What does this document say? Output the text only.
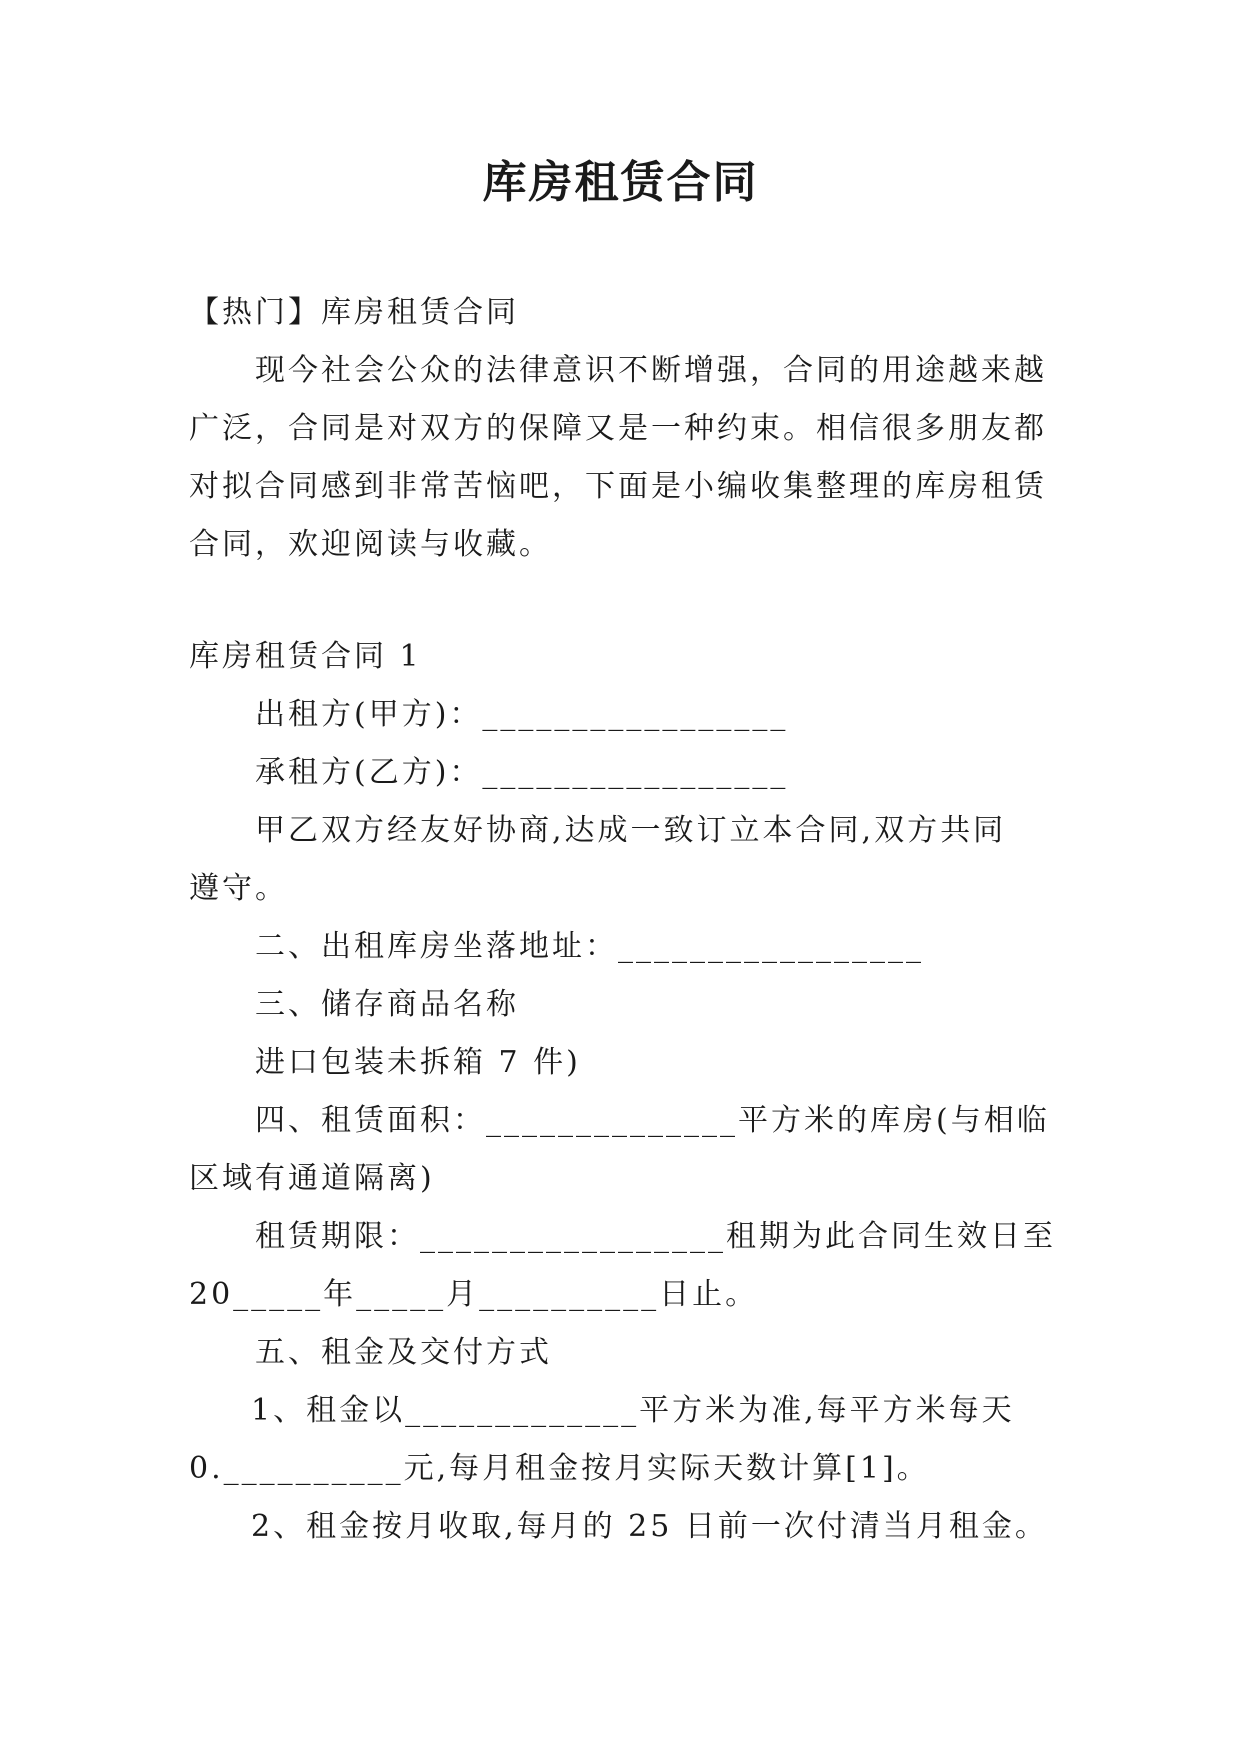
库房租赁合同

【热门】库房租赁合同

现今社会公众的法律意识不断增强，合同的用途越来越

广泛，合同是对双方的保障又是一种约束。相信很多朋友都

对拟合同感到非常苦恼吧，下面是小编收集整理的库房租赁

合同，欢迎阅读与收藏。

库房租赁合同 1

出租方(甲方)：_________________

承租方(乙方)：_________________

甲乙双方经友好协商,达成一致订立本合同,双方共同

遵守。

二、出租库房坐落地址：_________________

三、储存商品名称

进口包装未拆箱 7 件)

四、租赁面积：______________平方米的库房(与相临

区域有通道隔离)

租赁期限：_________________租期为此合同生效日至

20_____年_____月__________日止。

五、租金及交付方式

1、租金以_____________平方米为准,每平方米每天

0.__________元,每月租金按月实际天数计算[1]。

2、租金按月收取,每月的 25 日前一次付清当月租金。
